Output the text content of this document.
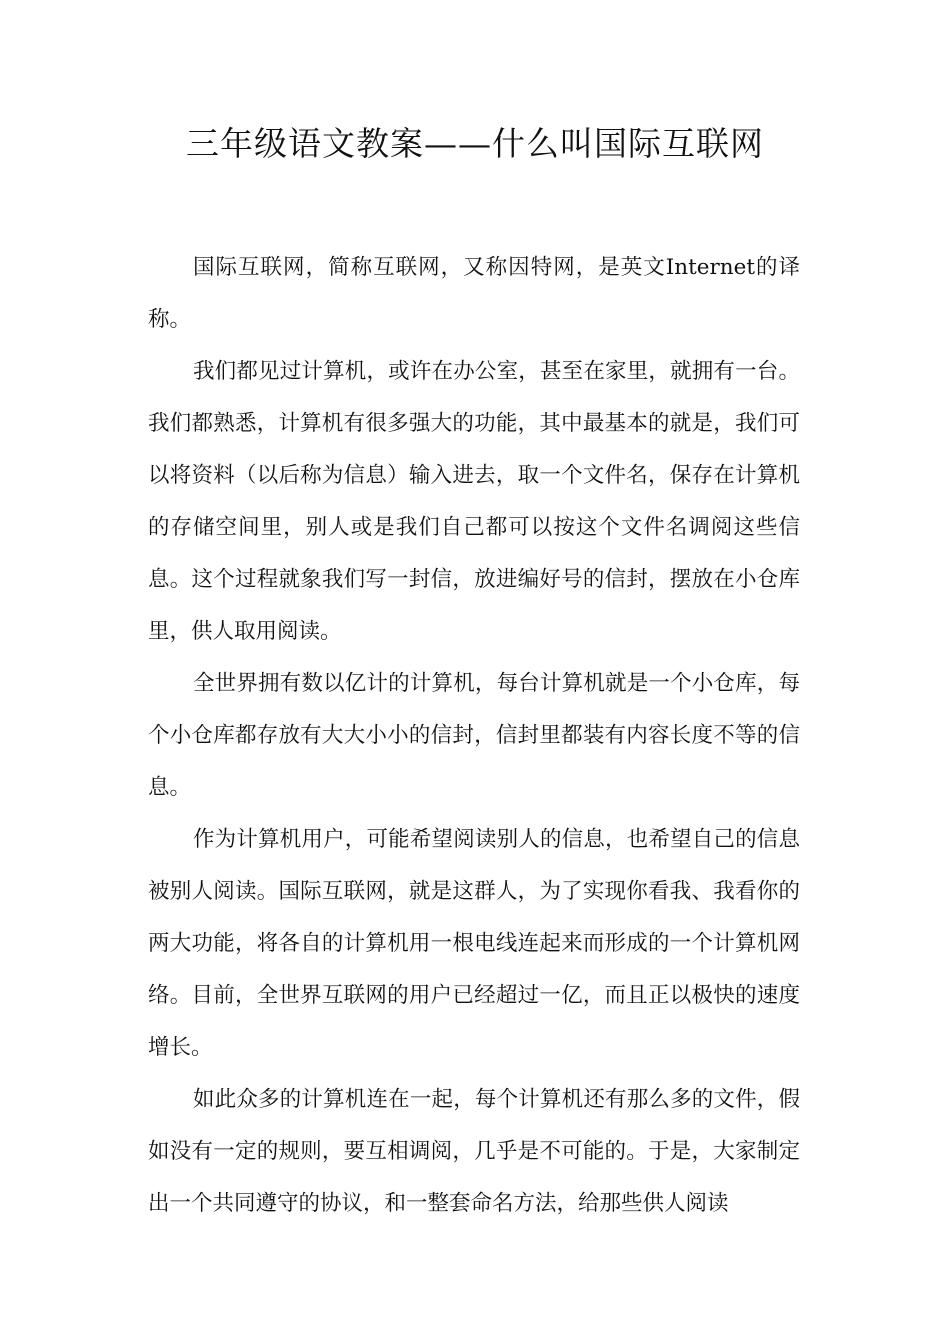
三年级语文教案——什么叫国际互联网

国际互联网，简称互联网，又称因特网，是英文Internet的译称。

我们都见过计算机，或许在办公室，甚至在家里，就拥有一台。我们都熟悉，计算机有很多强大的功能，其中最基本的就是，我们可以将资料（以后称为信息）输入进去，取一个文件名，保存在计算机的存储空间里，别人或是我们自己都可以按这个文件名调阅这些信息。这个过程就象我们写一封信，放进编好号的信封，摆放在小仓库里，供人取用阅读。

全世界拥有数以亿计的计算机，每台计算机就是一个小仓库，每个小仓库都存放有大大小小的信封，信封里都装有内容长度不等的信息。

作为计算机用户，可能希望阅读别人的信息，也希望自己的信息被别人阅读。国际互联网，就是这群人，为了实现你看我、我看你的两大功能，将各自的计算机用一根电线连起来而形成的一个计算机网络。目前，全世界互联网的用户已经超过一亿，而且正以极快的速度增长。

如此众多的计算机连在一起，每个计算机还有那么多的文件，假如没有一定的规则，要互相调阅，几乎是不可能的。于是，大家制定出一个共同遵守的协议，和一整套命名方法，给那些供人阅读
